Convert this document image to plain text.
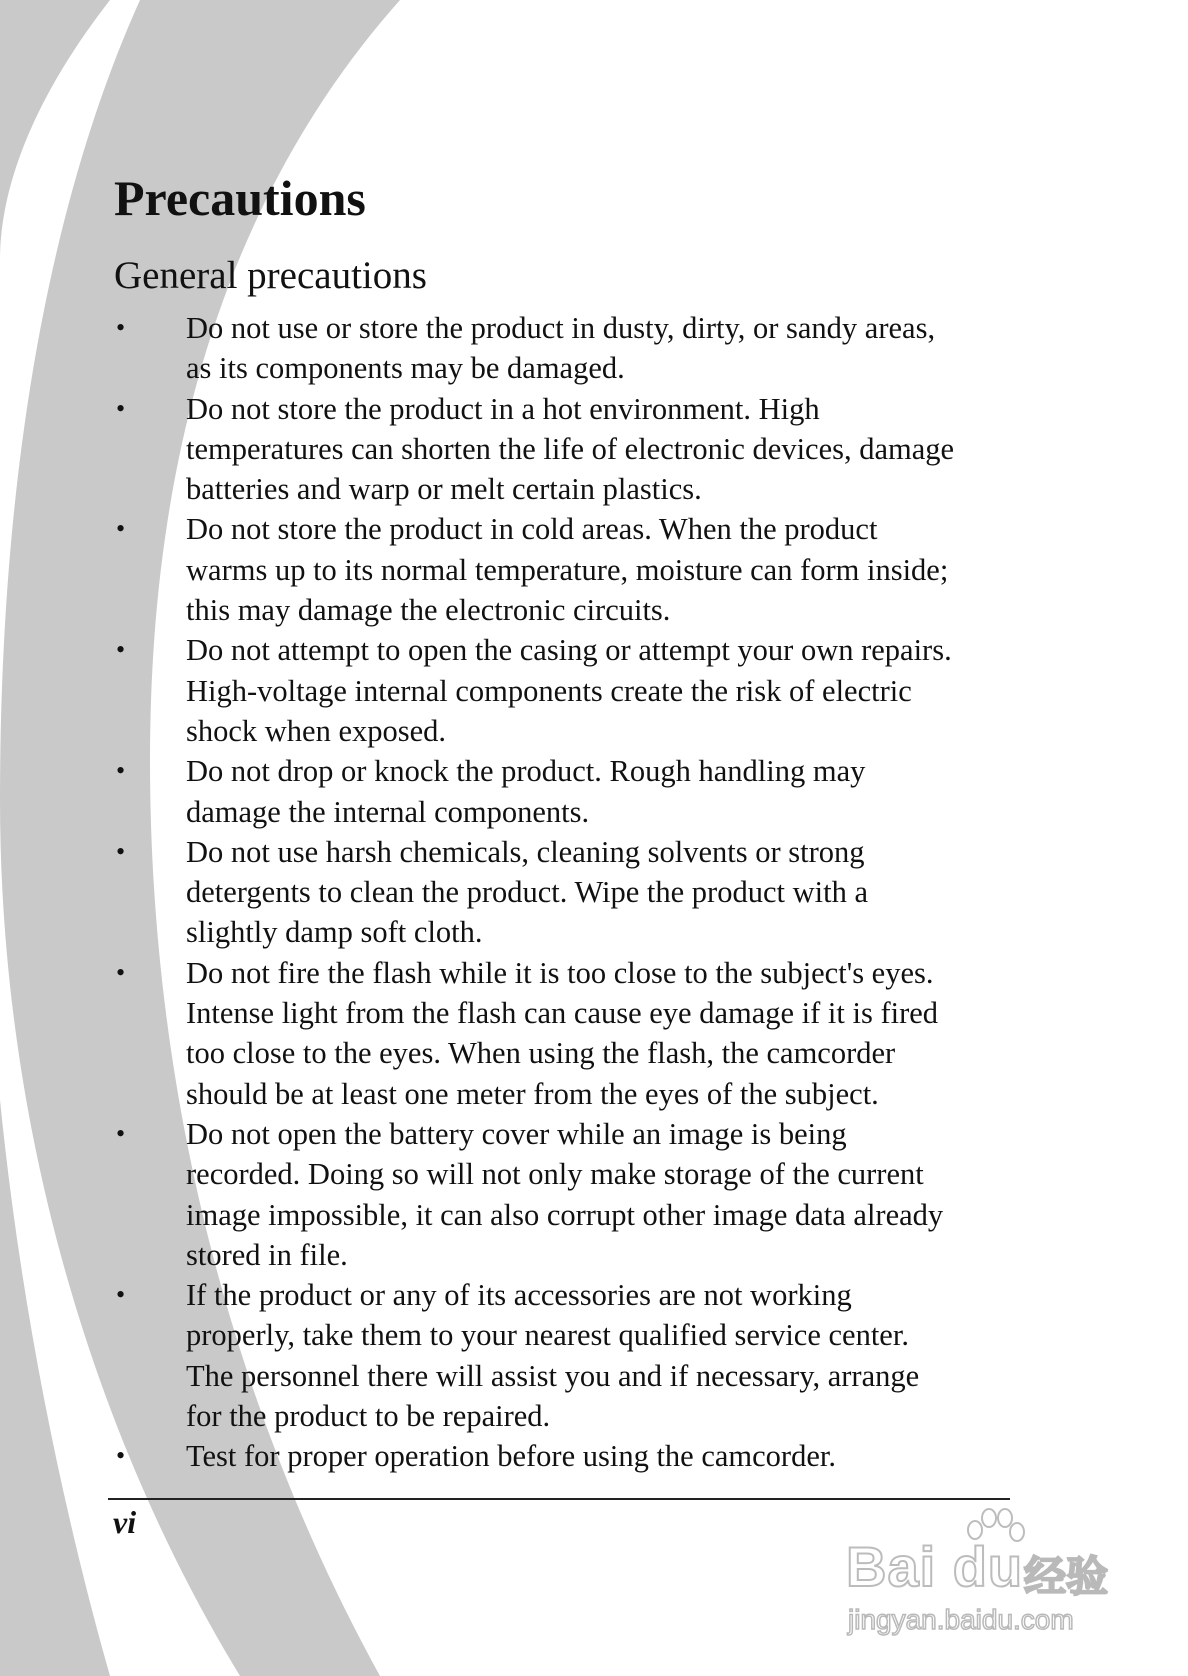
Precautions
General precautions
• Do not use or store the product in dusty, dirty, or sandy areas,
as its components may be damaged.
• Do not store the product in a hot environment. High
temperatures can shorten the life of electronic devices, damage
batteries and warp or melt certain plastics.
• Do not store the product in cold areas. When the product
warms up to its normal temperature, moisture can form inside;
this may damage the electronic circuits.
• Do not attempt to open the casing or attempt your own repairs.
High-voltage internal components create the risk of electric
shock when exposed.
• Do not drop or knock the product. Rough handling may
damage the internal components.
• Do not use harsh chemicals, cleaning solvents or strong
detergents to clean the product. Wipe the product with a
slightly damp soft cloth.
• Do not fire the flash while it is too close to the subject's eyes.
Intense light from the flash can cause eye damage if it is fired
too close to the eyes. When using the flash, the camcorder
should be at least one meter from the eyes of the subject.
• Do not open the battery cover while an image is being
recorded. Doing so will not only make storage of the current
image impossible, it can also corrupt other image data already
stored in file.
• If the product or any of its accessories are not working
properly, take them to your nearest qualified service center.
The personnel there will assist you and if necessary, arrange
for the product to be repaired.
• Test for proper operation before using the camcorder.
vi
Bai du 经验
jingyan.baidu.com
